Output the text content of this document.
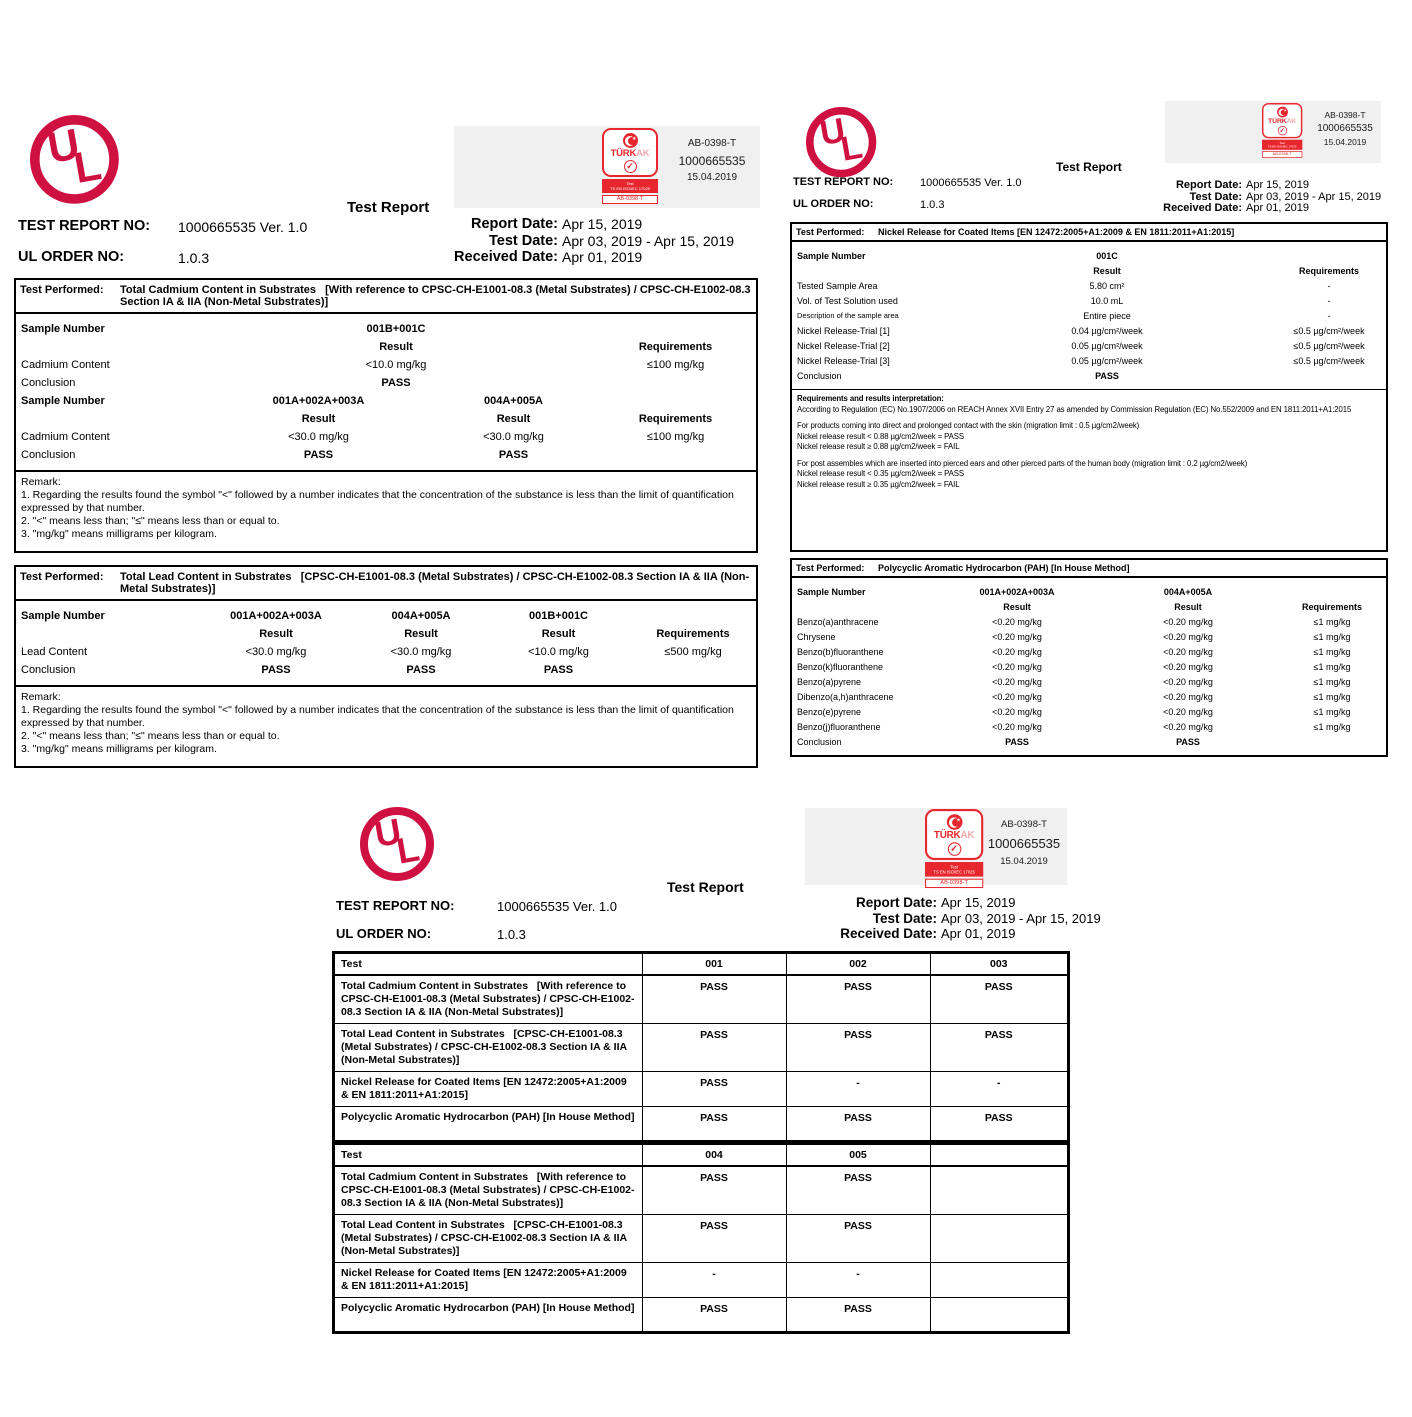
U
L
★
TÜRKAK
✓
Test
TS EN ISO/IEC 17025
AB-0398-T
AB-0398-T
1000665535
15.04.2019
Test Report
TEST REPORT NO: 1000665535 Ver. 1.0
UL ORDER NO:	1.0.3
Report Date: Apr 15, 2019
Test Date: Apr 03, 2019 - Apr 15, 2019
Received Date: Apr 01, 2019
Test Performed:	Total Cadmium Content in Substrates   [With reference to CPSC-CH-E1001-08.3 (Metal Substrates) / CPSC-CH-E1002-08.3 Section IA & IIA (Non-Metal Substrates)]
Sample Number	001B+001C
Result	Requirements
Cadmium Content	<10.0 mg/kg	≤100 mg/kg
Conclusion	PASS
Sample Number	001A+002A+003A	004A+005A
Result	Result	Requirements
Cadmium Content	<30.0 mg/kg	<30.0 mg/kg	≤100 mg/kg
Conclusion	PASS	PASS
Remark:
1. Regarding the results found the symbol "<" followed by a number indicates that the concentration of the substance is less than the limit of quantification expressed by that number.
2. "<" means less than; "≤" means less than or equal to.
3. "mg/kg" means milligrams per kilogram.
Test Performed:	Total Lead Content in Substrates   [CPSC-CH-E1001-08.3 (Metal Substrates) / CPSC-CH-E1002-08.3 Section IA & IIA (Non-Metal Substrates)]
Sample Number	001A+002A+003A	004A+005A	001B+001C
Result	Result	Result	Requirements
Lead Content	<30.0 mg/kg	<30.0 mg/kg	<10.0 mg/kg	≤500 mg/kg
Conclusion	PASS	PASS	PASS
Remark:
1. Regarding the results found the symbol "<" followed by a number indicates that the concentration of the substance is less than the limit of quantification expressed by that number.
2. "<" means less than; "≤" means less than or equal to.
3. "mg/kg" means milligrams per kilogram.
U
L
★
TÜRKAK
✓
Test
TS EN ISO/IEC 17025
AB-0398-T
AB-0398-T
1000665535
15.04.2019
Test Report
TEST REPORT NO: 1000665535 Ver. 1.0
UL ORDER NO:	1.0.3
Report Date: Apr 15, 2019
Test Date: Apr 03, 2019 - Apr 15, 2019
Received Date: Apr 01, 2019
Test Performed:	Nickel Release for Coated Items [EN 12472:2005+A1:2009 & EN 1811:2011+A1:2015]
Sample Number	001C
Result	Requirements
Tested Sample Area	5.80 cm²	-
Vol. of Test Solution used	10.0 mL	-
Description of the sample area	Entire piece	-
Nickel Release-Trial [1]	0.04 µg/cm²/week	≤0.5 µg/cm²/week
Nickel Release-Trial [2]	0.05 µg/cm²/week	≤0.5 µg/cm²/week
Nickel Release-Trial [3]	0.05 µg/cm²/week	≤0.5 µg/cm²/week
Conclusion	PASS
Requirements and results interpretation:
According to Regulation (EC) No.1907/2006 on REACH Annex XVII Entry 27 as amended by Commission Regulation (EC) No.552/2009 and EN 1811:2011+A1:2015
For products coming into direct and prolonged contact with the skin (migration limit : 0.5 µg/cm2/week)
Nickel release result < 0.88 µg/cm2/week = PASS
Nickel release result ≥ 0.88 µg/cm2/week = FAIL
For post assembles which are inserted into pierced ears and other pierced parts of the human body (migration limit : 0.2 µg/cm2/week)
Nickel release result < 0.35 µg/cm2/week = PASS
Nickel release result ≥ 0.35 µg/cm2/week = FAIL
Test Performed:	Polycyclic Aromatic Hydrocarbon (PAH) [In House Method]
Sample Number	001A+002A+003A	004A+005A
Result	Result	Requirements
Benzo(a)anthracene	<0.20 mg/kg	<0.20 mg/kg	≤1 mg/kg
Chrysene	<0.20 mg/kg	<0.20 mg/kg	≤1 mg/kg
Benzo(b)fluoranthene	<0.20 mg/kg	<0.20 mg/kg	≤1 mg/kg
Benzo(k)fluoranthene	<0.20 mg/kg	<0.20 mg/kg	≤1 mg/kg
Benzo(a)pyrene	<0.20 mg/kg	<0.20 mg/kg	≤1 mg/kg
Dibenzo(a,h)anthracene	<0.20 mg/kg	<0.20 mg/kg	≤1 mg/kg
Benzo(e)pyrene	<0.20 mg/kg	<0.20 mg/kg	≤1 mg/kg
Benzo(j)fluoranthene	<0.20 mg/kg	<0.20 mg/kg	≤1 mg/kg
Conclusion	PASS	PASS
U
L
★
TÜRKAK
✓
Test
TS EN ISO/IEC 17025
AB-0398-T
AB-0398-T
1000665535
15.04.2019
Test Report
TEST REPORT NO:	1000665535 Ver. 1.0
UL ORDER NO:	1.0.3
Report Date: Apr 15, 2019
Test Date: Apr 03, 2019 - Apr 15, 2019
Received Date: Apr 01, 2019
Test	001	002	003
Total Cadmium Content in Substrates   [With reference to CPSC-CH-E1001-08.3 (Metal Substrates) / CPSC-CH-E1002-08.3 Section IA & IIA (Non-Metal Substrates)]	PASS	PASS	PASS
Total Lead Content in Substrates   [CPSC-CH-E1001-08.3 (Metal Substrates) / CPSC-CH-E1002-08.3 Section IA & IIA (Non-Metal Substrates)]	PASS	PASS	PASS
Nickel Release for Coated Items [EN 12472:2005+A1:2009 & EN 1811:2011+A1:2015]	PASS	-	-
Polycyclic Aromatic Hydrocarbon (PAH) [In House Method]	PASS	PASS	PASS
Test	004	005	
Total Cadmium Content in Substrates   [With reference to CPSC-CH-E1001-08.3 (Metal Substrates) / CPSC-CH-E1002-08.3 Section IA & IIA (Non-Metal Substrates)]	PASS	PASS	
Total Lead Content in Substrates   [CPSC-CH-E1001-08.3 (Metal Substrates) / CPSC-CH-E1002-08.3 Section IA & IIA (Non-Metal Substrates)]	PASS	PASS	
Nickel Release for Coated Items [EN 12472:2005+A1:2009 & EN 1811:2011+A1:2015]	-	-	
Polycyclic Aromatic Hydrocarbon (PAH) [In House Method]	PASS	PASS	
